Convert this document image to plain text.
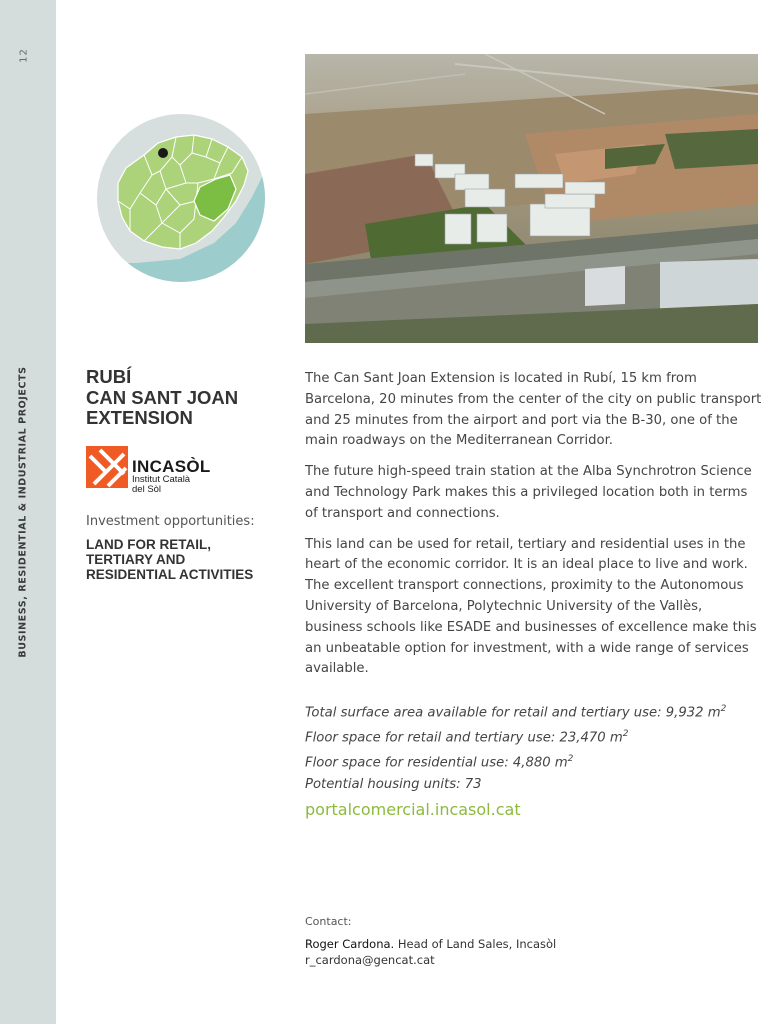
12
BUSINESS, RESIDENTIAL & INDUSTRIAL PROJECTS	RUBÍ
CAN SANT JOAN
EXTENSION
INCASÒL
Institut Català
del Sòl
Investment opportunities:
LAND FOR RETAIL,
TERTIARY AND
RESIDENTIAL ACTIVITIES

The Can Sant Joan Extension is located in Rubí, 15 km from Barcelona, 20 minutes from the center of the city on public transport and 25 minutes from the airport and port via the B-30, one of the main roadways on the Mediterranean Corridor.

The future high-speed train station at the Alba Synchrotron Science and Technology Park makes this a privileged location both in terms of transport and connections.

This land can be used for retail, tertiary and residential uses in the heart of the economic corridor. It is an ideal place to live and work. The excellent transport connections, proximity to the Autonomous University of Barcelona, Polytechnic University of the Vallès, business schools like ESADE and businesses of excellence make this an unbeatable option for investment, with a wide range of services available.

Total surface area available for retail and tertiary use: 9,932 $m^2$
Floor space for retail and tertiary use: 23,470 $m^2$
Floor space for residential use: 4,880 $m^2$
Potential housing units: 73
portalcomercial.incasol.cat
Contact:
Roger Cardona. Head of Land Sales, Incasòl
r_cardona@gencat.cat
